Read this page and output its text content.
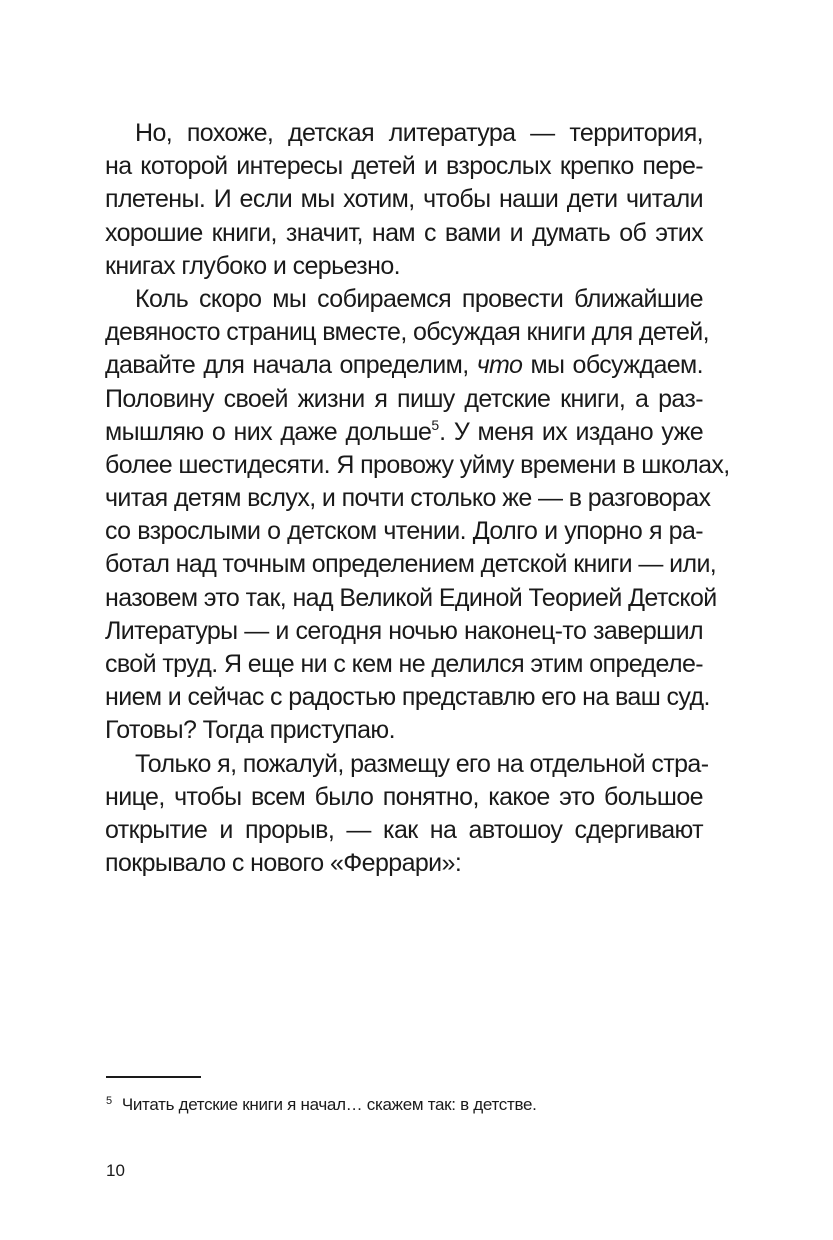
Но, похоже, детская литература — территория,
на которой интересы детей и взрослых крепко пере-
плетены. И если мы хотим, чтобы наши дети читали
хорошие книги, значит, нам с вами и думать об этих
книгах глубоко и серьезно.
Коль скоро мы собираемся провести ближайшие
девяносто страниц вместе, обсуждая книги для детей,
давайте для начала определим, что мы обсуждаем.
Половину своей жизни я пишу детские книги, а раз-
мышляю о них даже дольше$^5$. У меня их издано уже
более шестидесяти. Я провожу уйму времени в школах,
читая детям вслух, и почти столько же — в разговорах
со взрослыми о детском чтении. Долго и упорно я ра-
ботал над точным определением детской книги — или,
назовем это так, над Великой Единой Теорией Детской
Литературы — и сегодня ночью наконец-то завершил
свой труд. Я еще ни с кем не делился этим определе-
нием и сейчас с радостью представлю его на ваш суд.
Готовы? Тогда приступаю.
Только я, пожалуй, размещу его на отдельной стра-
нице, чтобы всем было понятно, какое это большое
открытие и прорыв, — как на автошоу сдергивают
покрывало с нового «Феррари»:
$^5$ Читать детские книги я начал… скажем так: в детстве.
10
